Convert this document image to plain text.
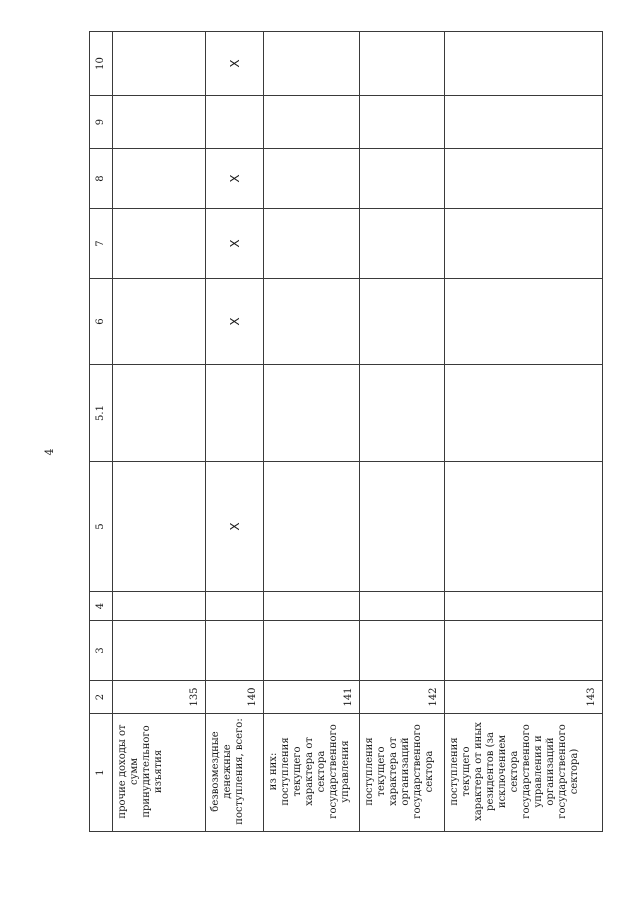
4
1	2	3	4	5	5.1	6	7	8	9	10
прочие доходы от сумм принудительного изъятия	135									
безвозмездные денежные поступления, всего:	140			X		X	X	X		X
из них: поступления текущего характера от сектора государственного управления	141									
поступления текущего характера от организаций государственного сектора	142									
поступления текущего характера от иных резидентов (за исключением сектора государственного управления и организаций государственного сектора)	143									
